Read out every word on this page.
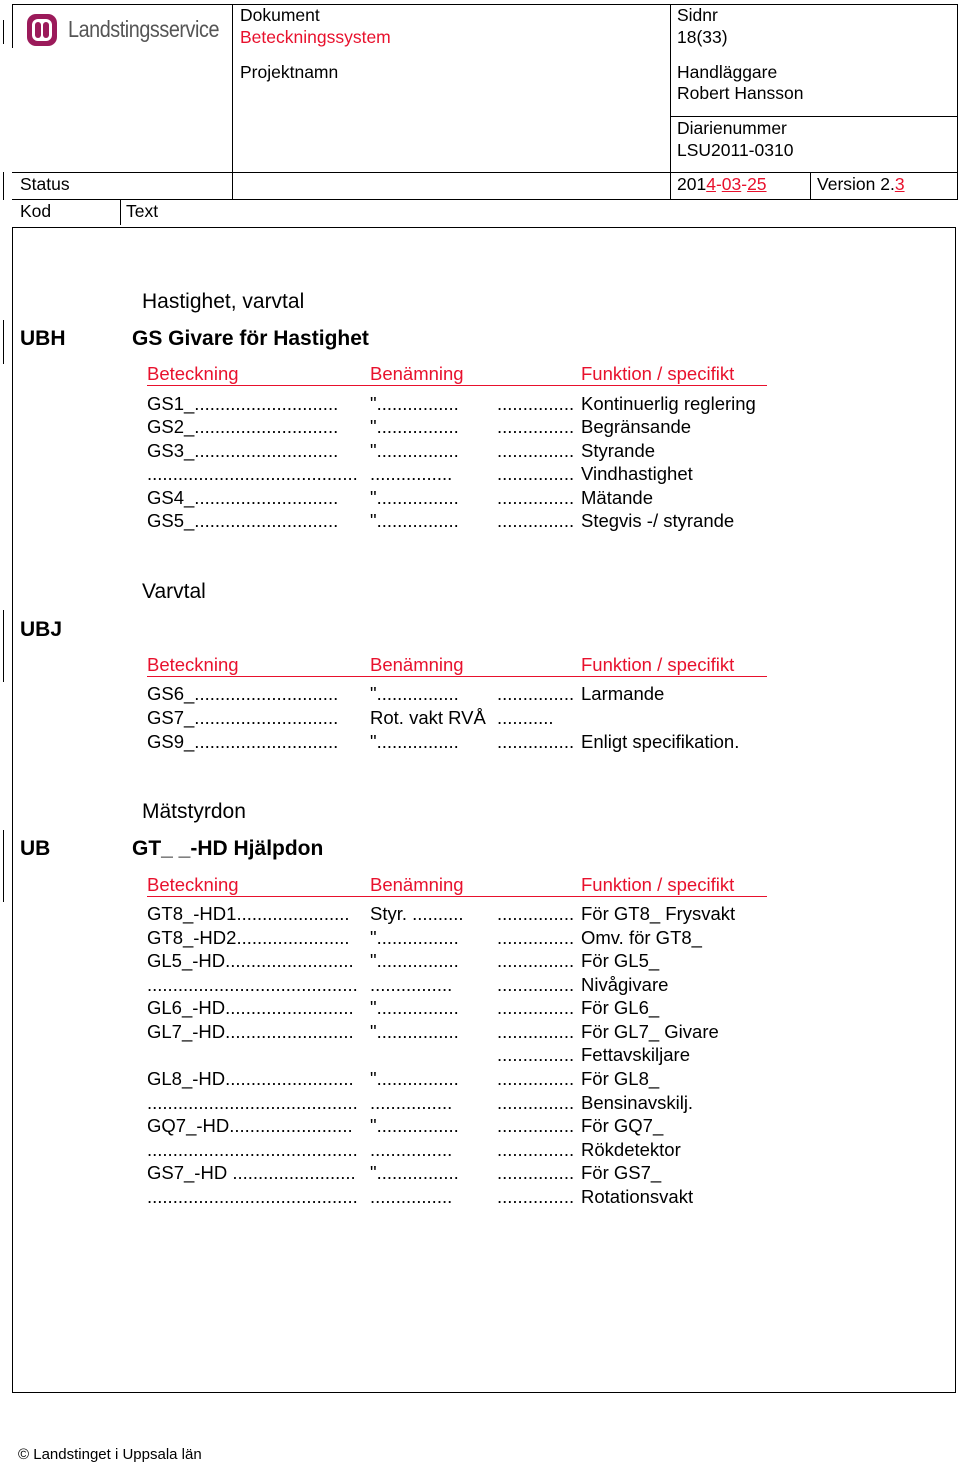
Landstingsservice
Dokument
Beteckningssystem
Sidnr
18(33)
Projektnamn	Handläggare
Robert Hansson
Diarienummer
LSU2011-0310
Status	2014-03-25	Version 2.3
Kod	Text
Hastighet, varvtal
UBH	GS Givare för Hastighet
Beteckning	Benämning	Funktion / specifikt
GS1_............................ "................ ............... Kontinuerlig reglering
GS2_............................ "................ ............... Begränsande
GS3_............................ "................ ............... Styrande
......................................... ................ ............... Vindhastighet
GS4_............................ "................ ............... Mätande
GS5_............................ "................ ............... Stegvis -/ styrande
Varvtal
UBJ
Beteckning	Benämning	Funktion / specifikt
GS6_............................ "................ ............... Larmande
GS7_............................ Rot. vakt RVÅ ...........
GS9_............................ "................ ............... Enligt specifikation.
Mätstyrdon
UB	GT_ _-HD Hjälpdon
Beteckning	Benämning	Funktion / specifikt
GT8_-HD1...................... Styr. .......... ............... För GT8_ Frysvakt
GT8_-HD2...................... "................ ............... Omv. för GT8_
GL5_-HD......................... "................ ............... För GL5_
......................................... ................ ............... Nivågivare
GL6_-HD......................... "................ ............... För GL6_
GL7_-HD......................... "................ ............... För GL7_ Givare
............... Fettavskiljare
GL8_-HD......................... "................ ............... För GL8_
......................................... ................ ............... Bensinavskilj.
GQ7_-HD........................ "................ ............... För GQ7_
......................................... ................ ............... Rökdetektor
GS7_-HD ........................ "................ ............... För GS7_
......................................... ................ ............... Rotationsvakt
© Landstinget i Uppsala län
